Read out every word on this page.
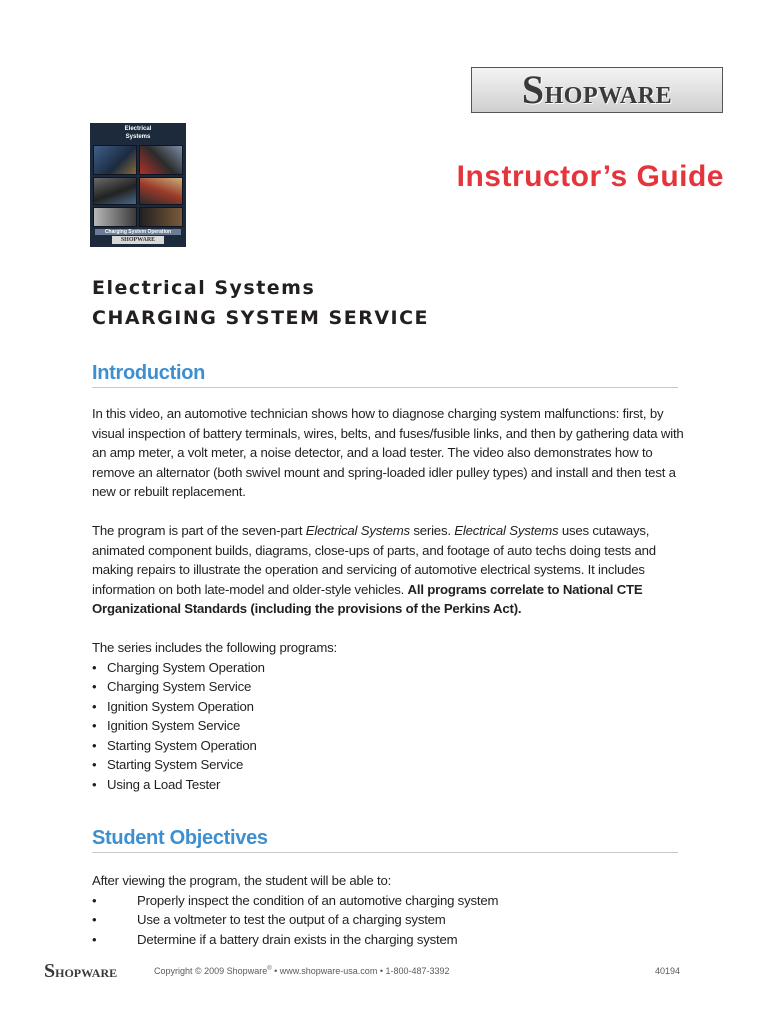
S HOPWARE
Electrical
Systems
Charging System Operation
SHOPWARE
Instructor’s Guide
Electrical Systems
CHARGING SYSTEM SERVICE
Introduction

In this video, an automotive technician shows how to diagnose charging system malfunctions: first, by visual inspection of battery terminals, wires, belts, and fuses/fusible links, and then by gathering data with an amp meter, a volt meter, a noise detector, and a load tester. The video also demonstrates how to remove an alternator (both swivel mount and spring-loaded idler pulley types) and install and then test a new or rebuilt replacement.

The program is part of the seven-part Electrical Systems series. Electrical Systems uses cutaways, animated component builds, diagrams, close-ups of parts, and footage of auto techs doing tests and making repairs to illustrate the operation and servicing of automotive electrical systems. It includes information on both late-model and older-style vehicles. All programs correlate to National CTE Organizational Standards (including the provisions of the Perkins Act).

The series includes the following programs:

• Charging System Operation
• Charging System Service
• Ignition System Operation
• Ignition System Service
• Starting System Operation
• Starting System Service
• Using a Load Tester
Student Objectives

After viewing the program, the student will be able to:

• Properly inspect the condition of an automotive charging system
• Use a voltmeter to test the output of a charging system
• Determine if a battery drain exists in the charging system
SHOPWARE	Copyright © 2009 Shopware® • www.shopware-usa.com • 1-800-487-3392	40194
